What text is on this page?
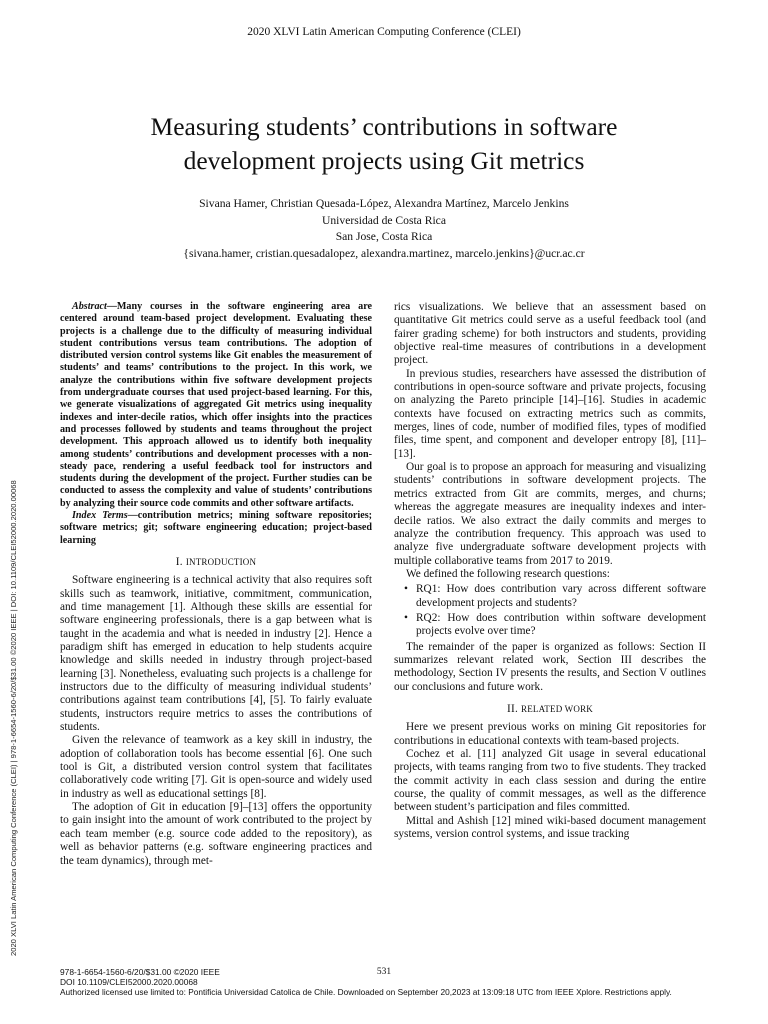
2020 XLVI Latin American Computing Conference (CLEI)
Measuring students’ contributions in software
development projects using Git metrics
Sivana Hamer, Christian Quesada-López, Alexandra Martínez, Marcelo Jenkins
Universidad de Costa Rica
San Jose, Costa Rica
{sivana.hamer, cristian.quesadalopez, alexandra.martinez, marcelo.jenkins}@ucr.ac.cr
2020 XLVI Latin American Computing Conference (CLEI) | 978-1-6654-1560-6/20/$31.00 ©2020 IEEE | DOI: 10.1109/CLEI52000.2020.00068

Abstract—Many courses in the software engineering area are centered around team-based project development. Evaluating these projects is a challenge due to the difficulty of measuring individual student contributions versus team contributions. The adoption of distributed version control systems like Git enables the measurement of students’ and teams’ contributions to the project. In this work, we analyze the contributions within five software development projects from undergraduate courses that used project-based learning. For this, we generate visualizations of aggregated Git metrics using inequality indexes and inter-decile ratios, which offer insights into the practices and processes followed by students and teams throughout the project development. This approach allowed us to identify both inequality among students’ contributions and development processes with a non-steady pace, rendering a useful feedback tool for instructors and students during the development of the project. Further studies can be conducted to assess the complexity and value of students’ contributions by analyzing their source code commits and other software artifacts.

Index Terms—contribution metrics; mining software repositories; software metrics; git; software engineering education; project-based learning

I. INTRODUCTION

Software engineering is a technical activity that also requires soft skills such as teamwork, initiative, commitment, communication, and time management [1]. Although these skills are essential for software engineering professionals, there is a gap between what is taught in the academia and what is needed in industry [2]. Hence a paradigm shift has emerged in education to help students acquire knowledge and skills needed in industry through project-based learning [3]. Nonetheless, evaluating such projects is a challenge for instructors due to the difficulty of measuring individual students’ contributions against team contributions [4], [5]. To fairly evaluate students, instructors require metrics to asses the contributions of students.

Given the relevance of teamwork as a key skill in industry, the adoption of collaboration tools has become essential [6]. One such tool is Git, a distributed version control system that facilitates collaboratively code writing [7]. Git is open-source and widely used in industry as well as educational settings [8].

The adoption of Git in education [9]–[13] offers the opportunity to gain insight into the amount of work contributed to the project by each team member (e.g. source code added to the repository), as well as behavior patterns (e.g. software engineering practices and the team dynamics), through met-

rics visualizations. We believe that an assessment based on quantitative Git metrics could serve as a useful feedback tool (and fairer grading scheme) for both instructors and students, providing objective real-time measures of contributions in a development project.

In previous studies, researchers have assessed the distribution of contributions in open-source software and private projects, focusing on analyzing the Pareto principle [14]–[16]. Studies in academic contexts have focused on extracting metrics such as commits, merges, lines of code, number of modified files, types of modified files, time spent, and component and developer entropy [8], [11]–[13].

Our goal is to propose an approach for measuring and visualizing students’ contributions in software development projects. The metrics extracted from Git are commits, merges, and churns; whereas the aggregate measures are inequality indexes and inter-decile ratios. We also extract the daily commits and merges to analyze the contribution frequency. This approach was used to analyze five undergraduate software development projects with multiple collaborative teams from 2017 to 2019.

We defined the following research questions:

• RQ1: How does contribution vary across different software development projects and students?
• RQ2: How does contribution within software development projects evolve over time?

The remainder of the paper is organized as follows: Section II summarizes relevant related work, Section III describes the methodology, Section IV presents the results, and Section V outlines our conclusions and future work.

II. RELATED WORK

Here we present previous works on mining Git repositories for contributions in educational contexts with team-based projects.

Cochez et al. [11] analyzed Git usage in several educational projects, with teams ranging from two to five students. They tracked the commit activity in each class session and during the entire course, the quality of commit messages, as well as the difference between student’s participation and files committed.

Mittal and Ashish [12] mined wiki-based document management systems, version control systems, and issue tracking

978-1-6654-1560-6/20/$31.00 ©2020 IEEE
DOI 10.1109/CLEI52000.2020.00068
531
Authorized licensed use limited to: Pontificia Universidad Catolica de Chile. Downloaded on September 20,2023 at 13:09:18 UTC from IEEE Xplore. Restrictions apply.
